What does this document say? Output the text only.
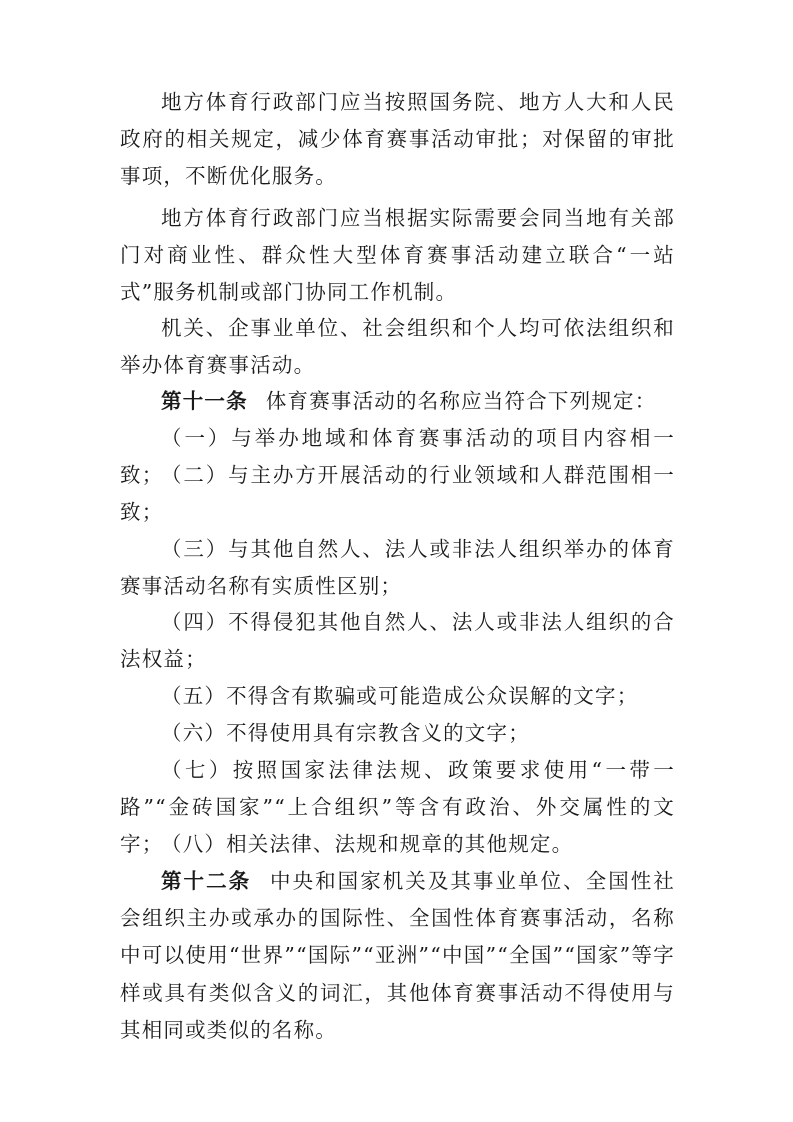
地方体育行政部门应当按照国务院、地方人大和人民政府的相关规定，减少体育赛事活动审批；对保留的审批事项，不断优化服务。

地方体育行政部门应当根据实际需要会同当地有关部门对商业性、群众性大型体育赛事活动建立联合“一站式”服务机制或部门协同工作机制。

机关、企事业单位、社会组织和个人均可依法组织和举办体育赛事活动。

第十一条 体育赛事活动的名称应当符合下列规定：

（一）与举办地域和体育赛事活动的项目内容相一致；

（二）与主办方开展活动的行业领域和人群范围相一致；

（三）与其他自然人、法人或非法人组织举办的体育赛事活动名称有实质性区别；

（四）不得侵犯其他自然人、法人或非法人组织的合法权益；

（五）不得含有欺骗或可能造成公众误解的文字；

（六）不得使用具有宗教含义的文字；

（七）按照国家法律法规、政策要求使用“一带一路”“金砖国家”“上合组织”等含有政治、外交属性的文字；

（八）相关法律、法规和规章的其他规定。

第十二条 中央和国家机关及其事业单位、全国性社会组织主办或承办的国际性、全国性体育赛事活动，名称中可以使用“世界”“国际”“亚洲”“中国”“全国”“国家”等字样或具有类似含义的词汇，其他体育赛事活动不得使用与其相同或类似的名称。
